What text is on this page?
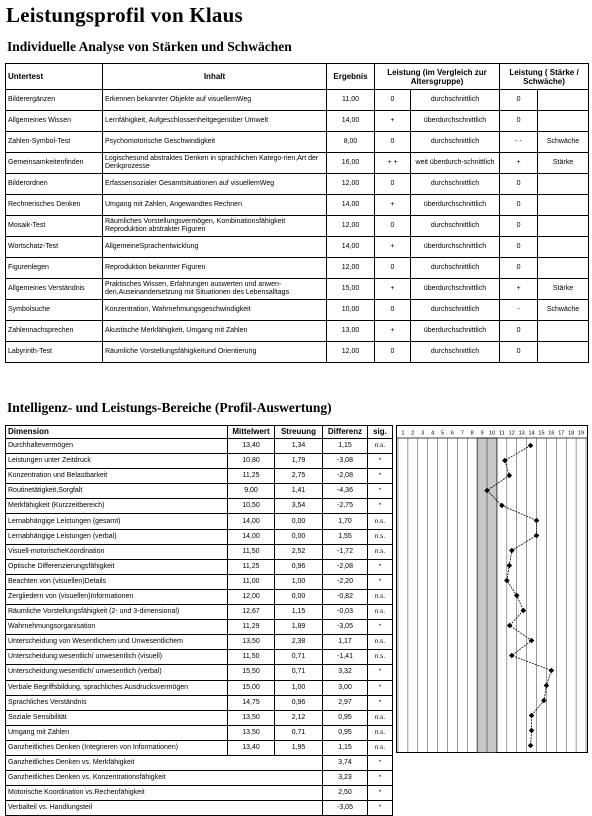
Leistungsprofil von Klaus
Individuelle Analyse von Stärken und Schwächen
Untertest	Inhalt	Ergebnis	Leistung (im Vergleich zur Altersgruppe)		Leistung ( Stärke / Schwäche)	
Bilderergänzen	Erkennen bekannter Objekte auf visuellemWeg	11,00	0	durchschnittlich	0	
Allgemeines Wissen	Lernfähigkeit, Aufgeschlossenheitgegenüber Umwelt	14,00	+	überdurchschnittlich	0	
Zahlen-Symbol-Test	Psychomotorische Geschwindigkeit	8,00	0	durchschnittlich	- -	Schwäche
Gemeinsamkeitenfinden	Logischesund abstraktes Denken in sprachlichen Katego-rien,Art der Denkprozesse	16,00	+ +	weit überdurch-schnittlich	+	Stärke
Bilderordnen	Erfassensozialer Gesamtsituationen auf visuellemWeg	12,00	0	durchschnittlich	0	
Rechnerisches Denken	Umgang mit Zahlen, Angewandtes Rechnen	14,00	+	überdurchschnittlich	0	
Mosaik-Test	Räumliches Vorstellungsvermögen, Kombinationsfähigkeit Reproduktion abstrakter Figuren	12,00	0	durchschnittlich	0	
Wortschatz-Test	AllgemeineSprachentwicklung	14,00	+	überdurchschnittlich	0	
Figurenlegen	Reproduktion bekannter Figuren	12,00	0	durchschnittlich	0	
Allgemeines Verständnis	Praktisches Wissen, Erfahrungen auswerten und anwen-den,Auseinandersetzung mit Situationen des Lebensalltags	15,00	+	überdurchschnittlich	+	Stärke
Symbolsuche	Konzentration, Wahrnehmungsgeschwindigkeit	10,00	0	durchschnittlich	-	Schwäche
Zahlennachsprechen	Akustische Merkfähigkeit, Umgang mit Zahlen	13,00	+	überdurchschnittlich	0	
Labyrinth-Test	Räumliche Vorstellungsfähigkeitund Orientierung	12,00	0	durchschnittlich	0	
Intelligenz- und Leistungs-Bereiche (Profil-Auswertung)
Dimension	Mittelwert	Streuung	Differenz	sig.
Durchhaltevermögen	13,40	1,34	1,15	n.s.
Leistungen unter Zeitdruck	10,80	1,79	-3,08	*
Konzentration und Belastbarkeit	11,25	2,75	-2,08	*
Routinetätigkeit,Sorgfalt	9,00	1,41	-4,36	*
Merkfähigkeit (Kurzzeitbereich)	10,50	3,54	-2,75	*
Lernabhängige Leistungen (gesamt)	14,00	0,00	1,70	n.s.
Lernabhängige Leistungen (verbal)	14,00	0,00	1,55	n.s.
Visuell-motorischeKoordination	11,50	2,52	-1,72	n.s.
Optische Differenzierungsfähigkeit	11,25	0,96	-2,08	*
Beachten von (visuellen)Details	11,00	1,00	-2,20	*
Zergliedern von (visuellen)Informationen	12,00	0,00	-0,82	n.s.
Räumliche Vorstellungsfähigkeit (2- und 3-dimensional)	12,67	1,15	-0,03	n.s.
Wahrnehmungsorganisation	11,29	1,89	-3,05	*
Unterscheidung von Wesentlichem und Unwesentlichem	13,50	2,38	1,17	n.s.
Unterscheidung:wesentlich/ unwesentlich (visuell)	11,50	0,71	-1,41	n.s.
Unterscheidung:wesentlich/ unwesentlich (verbal)	15,50	0,71	3,32	*
Verbale Begriffsbildung, sprachliches Ausdrucksvermögen	15,00	1,00	3,00	*
Sprachliches Verständnis	14,75	0,96	2,97	*
Soziale Sensibilität	13,50	2,12	0,95	n.s.
Umgang mit Zahlen	13,50	0,71	0,95	n.s.
Ganzheitliches Denken (Integrieren von Informationen)	13,40	1,95	1,15	n.s.
Ganzheitliches Denken vs. Merkfähigkeit			3,74	*
Ganzheitliches Denken vs. Konzentrationsfähigkeit			3,23	*
Motorische Koordination vs.Rechenfähigkeit			2,50	*
Verbalteil vs. Handlungsteil			-3,05	*
1 2 3 4 5 6 7 8 9 10 11 12 13 14 15 16 17 18 19
